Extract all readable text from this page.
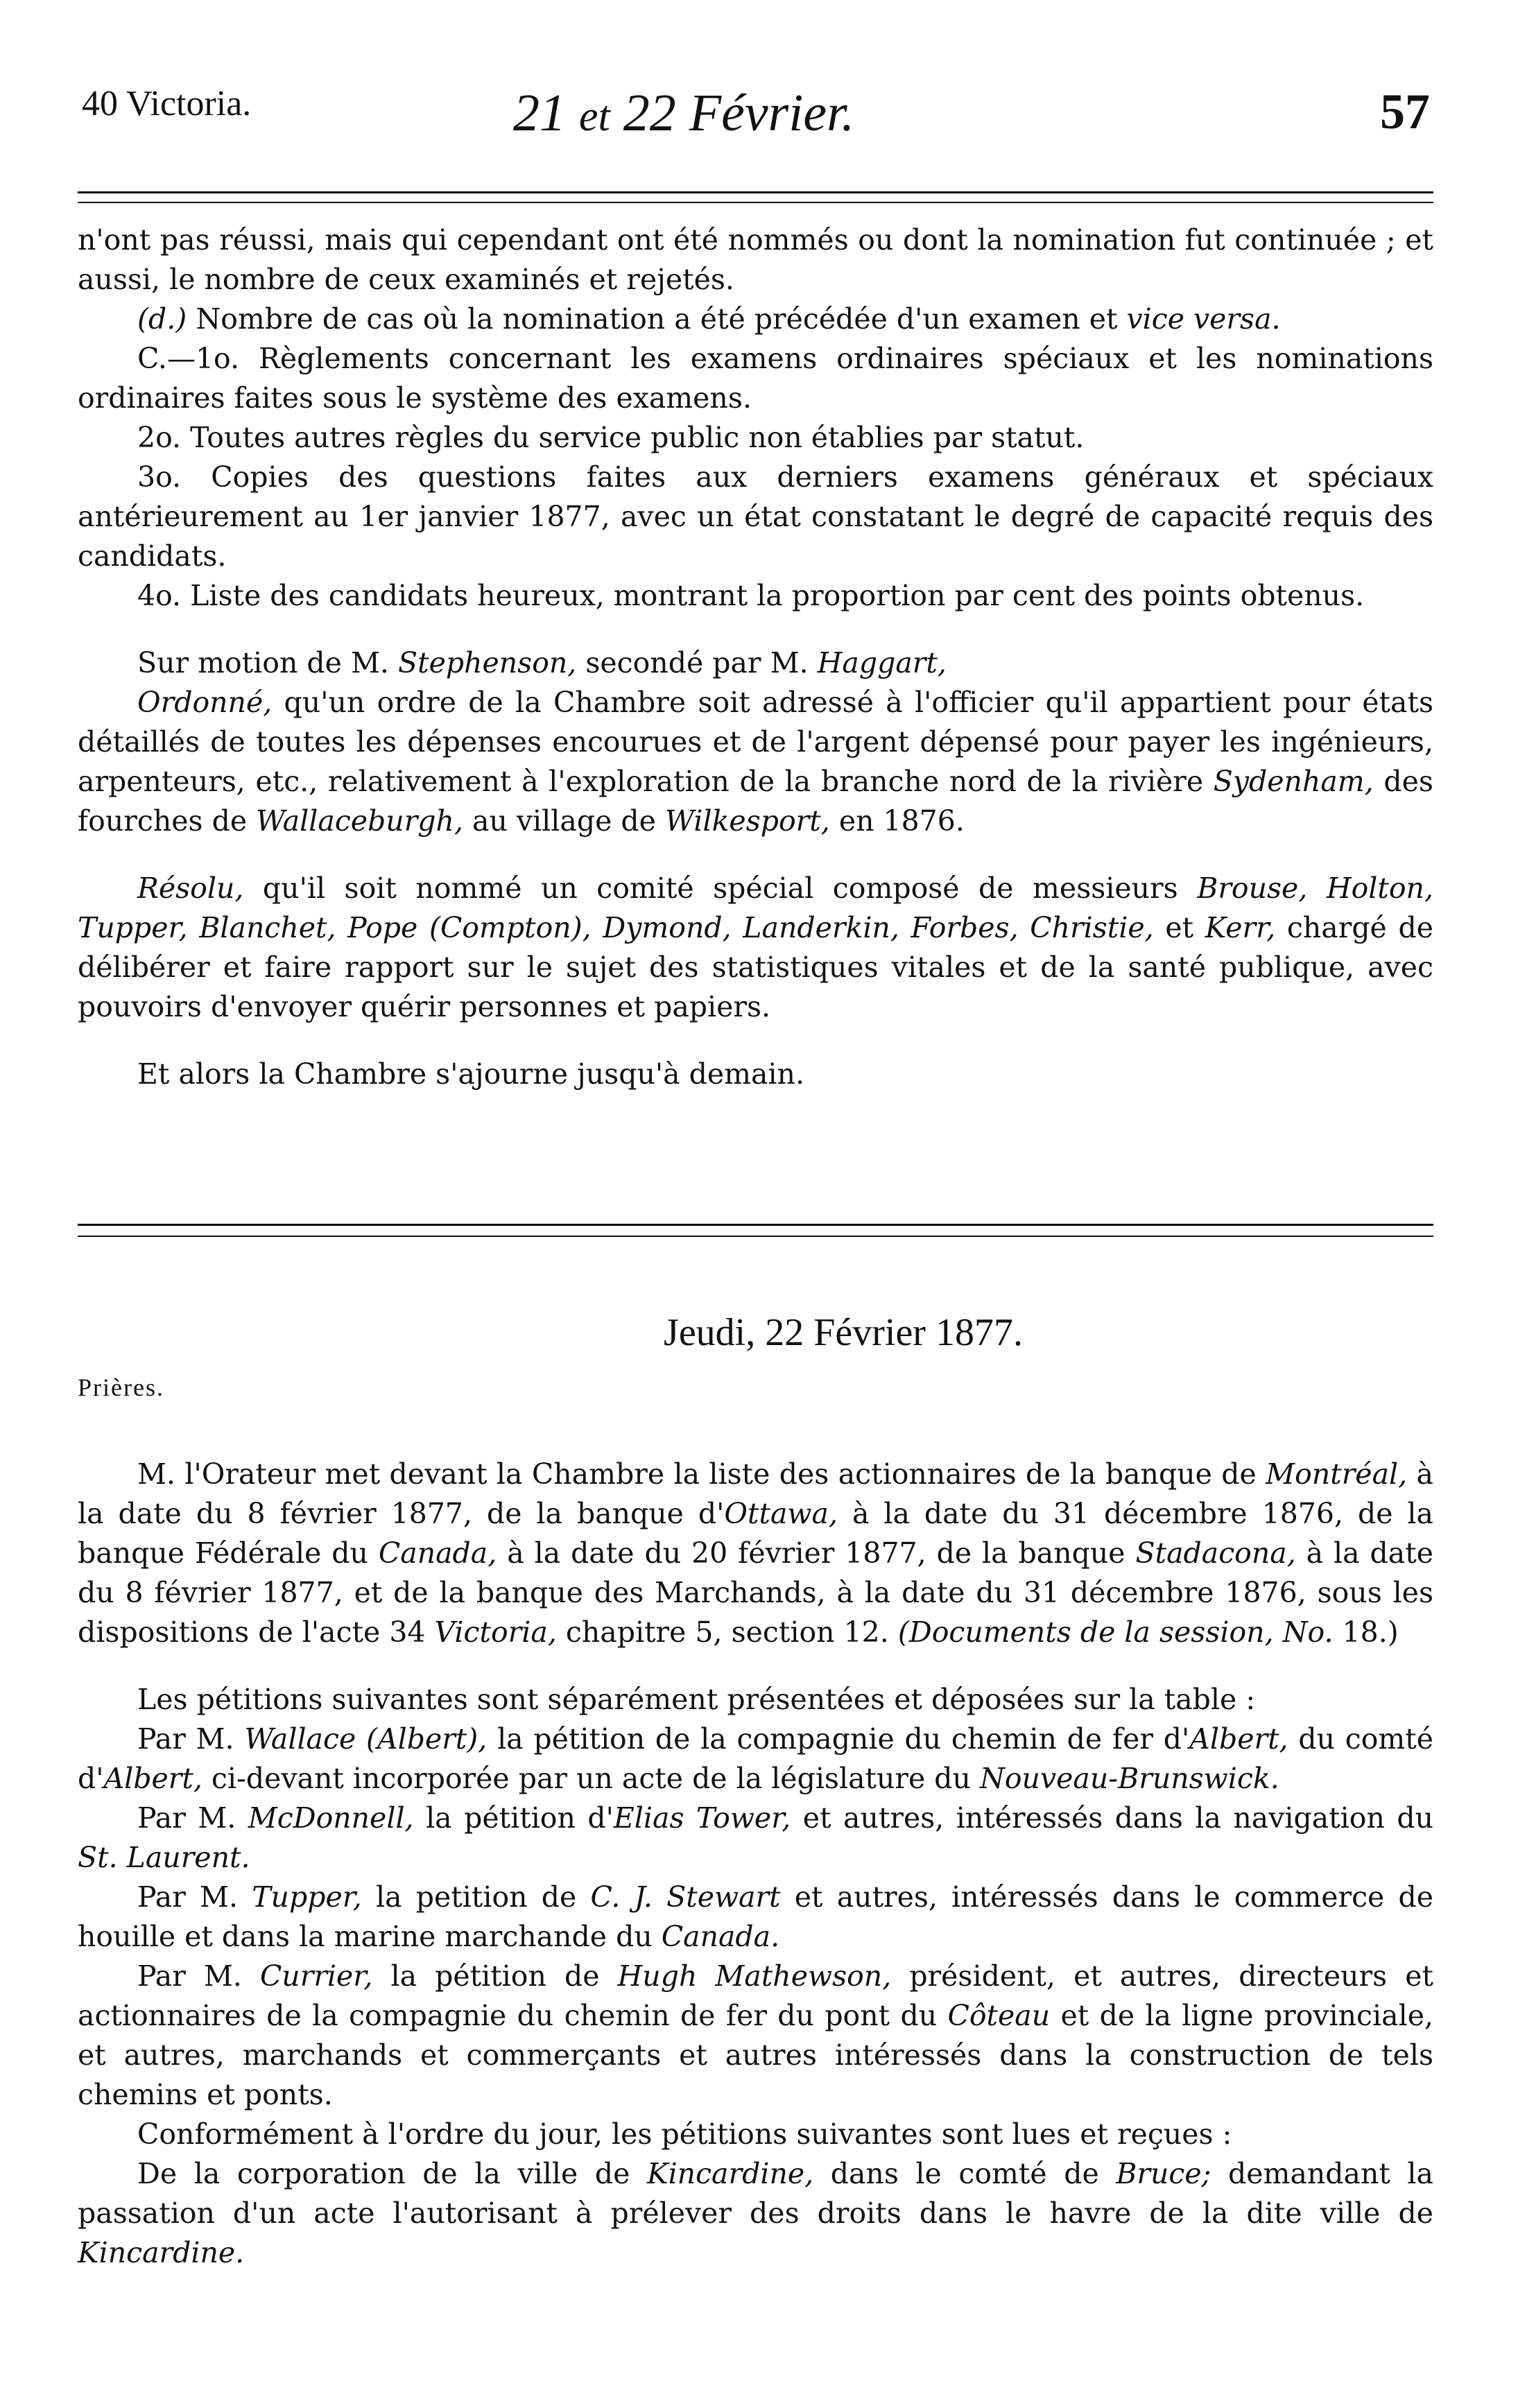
40 Victoria.	21 et 22 Février.	57

n'ont pas réussi, mais qui cependant ont été nommés ou dont la nomination fut continuée ; et aussi, le nombre de ceux examinés et rejetés.

(d.) Nombre de cas où la nomination a été précédée d'un examen et vice versa.

C.—1o. Règlements concernant les examens ordinaires spéciaux et les nominations ordinaires faites sous le système des examens.

2o. Toutes autres règles du service public non établies par statut.

3o. Copies des questions faites aux derniers examens généraux et spéciaux antérieurement au 1er janvier 1877, avec un état constatant le degré de capacité requis des candidats.

4o. Liste des candidats heureux, montrant la proportion par cent des points obtenus.

Sur motion de M. Stephenson, secondé par M. Haggart,

Ordonné, qu'un ordre de la Chambre soit adressé à l'officier qu'il appartient pour états détaillés de toutes les dépenses encourues et de l'argent dépensé pour payer les ingénieurs, arpenteurs, etc., relativement à l'exploration de la branche nord de la rivière Sydenham, des fourches de Wallaceburgh, au village de Wilkesport, en 1876.

Résolu, qu'il soit nommé un comité spécial composé de messieurs Brouse, Holton, Tupper, Blanchet, Pope (Compton), Dymond, Landerkin, Forbes, Christie, et Kerr, chargé de délibérer et faire rapport sur le sujet des statistiques vitales et de la santé publique, avec pouvoirs d'envoyer quérir personnes et papiers.

Et alors la Chambre s'ajourne jusqu'à demain.

Jeudi, 22 Février 1877.
Prières.

M. l'Orateur met devant la Chambre la liste des actionnaires de la banque de Montréal, à la date du 8 février 1877, de la banque d'Ottawa, à la date du 31 décembre 1876, de la banque Fédérale du Canada, à la date du 20 février 1877, de la banque Stadacona, à la date du 8 février 1877, et de la banque des Marchands, à la date du 31 décembre 1876, sous les dispositions de l'acte 34 Victoria, chapitre 5, section 12. (Documents de la session, No. 18.)

Les pétitions suivantes sont séparément présentées et déposées sur la table :

Par M. Wallace (Albert), la pétition de la compagnie du chemin de fer d'Albert, du comté d'Albert, ci-devant incorporée par un acte de la législature du Nouveau-Brunswick.

Par M. McDonnell, la pétition d'Elias Tower, et autres, intéressés dans la navigation du St. Laurent.

Par M. Tupper, la petition de C. J. Stewart et autres, intéressés dans le commerce de houille et dans la marine marchande du Canada.

Par M. Currier, la pétition de Hugh Mathewson, président, et autres, directeurs et actionnaires de la compagnie du chemin de fer du pont du Côteau et de la ligne provinciale, et autres, marchands et commerçants et autres intéressés dans la construction de tels chemins et ponts.

Conformément à l'ordre du jour, les pétitions suivantes sont lues et reçues :

De la corporation de la ville de Kincardine, dans le comté de Bruce; demandant la passation d'un acte l'autorisant à prélever des droits dans le havre de la dite ville de Kincardine.
